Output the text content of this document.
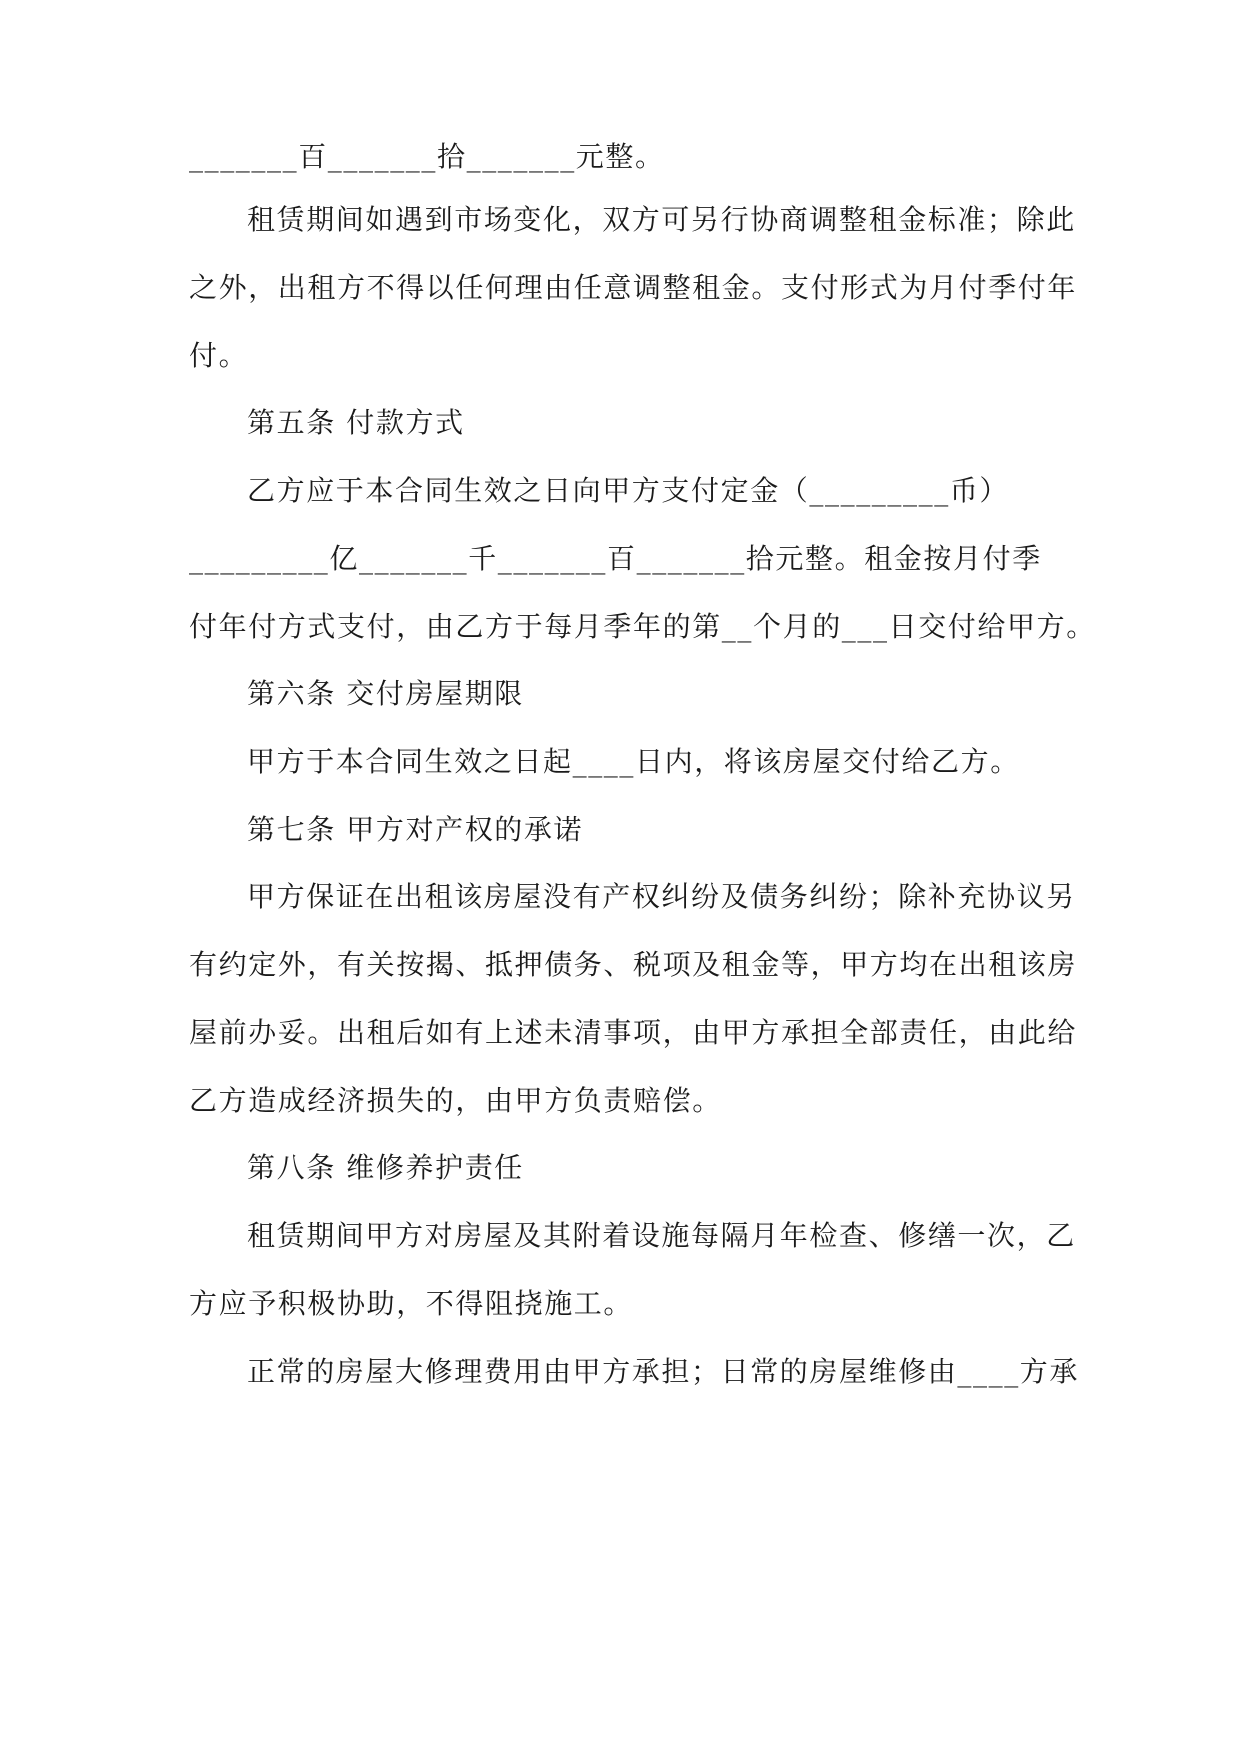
_______百_______拾_______元整。

租赁期间如遇到市场变化，双方可另行协商调整租金标准；除此

之外，出租方不得以任何理由任意调整租金。支付形式为月付季付年

付。

第五条 付款方式

乙方应于本合同生效之日向甲方支付定金（_________币）

_________亿_______千_______百_______拾元整。租金按月付季

付年付方式支付，由乙方于每月季年的第__个月的___日交付给甲方。

第六条 交付房屋期限

甲方于本合同生效之日起____日内，将该房屋交付给乙方。

第七条 甲方对产权的承诺

甲方保证在出租该房屋没有产权纠纷及债务纠纷；除补充协议另

有约定外，有关按揭、抵押债务、税项及租金等，甲方均在出租该房

屋前办妥。出租后如有上述未清事项，由甲方承担全部责任，由此给

乙方造成经济损失的，由甲方负责赔偿。

第八条 维修养护责任

租赁期间甲方对房屋及其附着设施每隔月年检查、修缮一次，乙

方应予积极协助，不得阻挠施工。

正常的房屋大修理费用由甲方承担；日常的房屋维修由____方承
